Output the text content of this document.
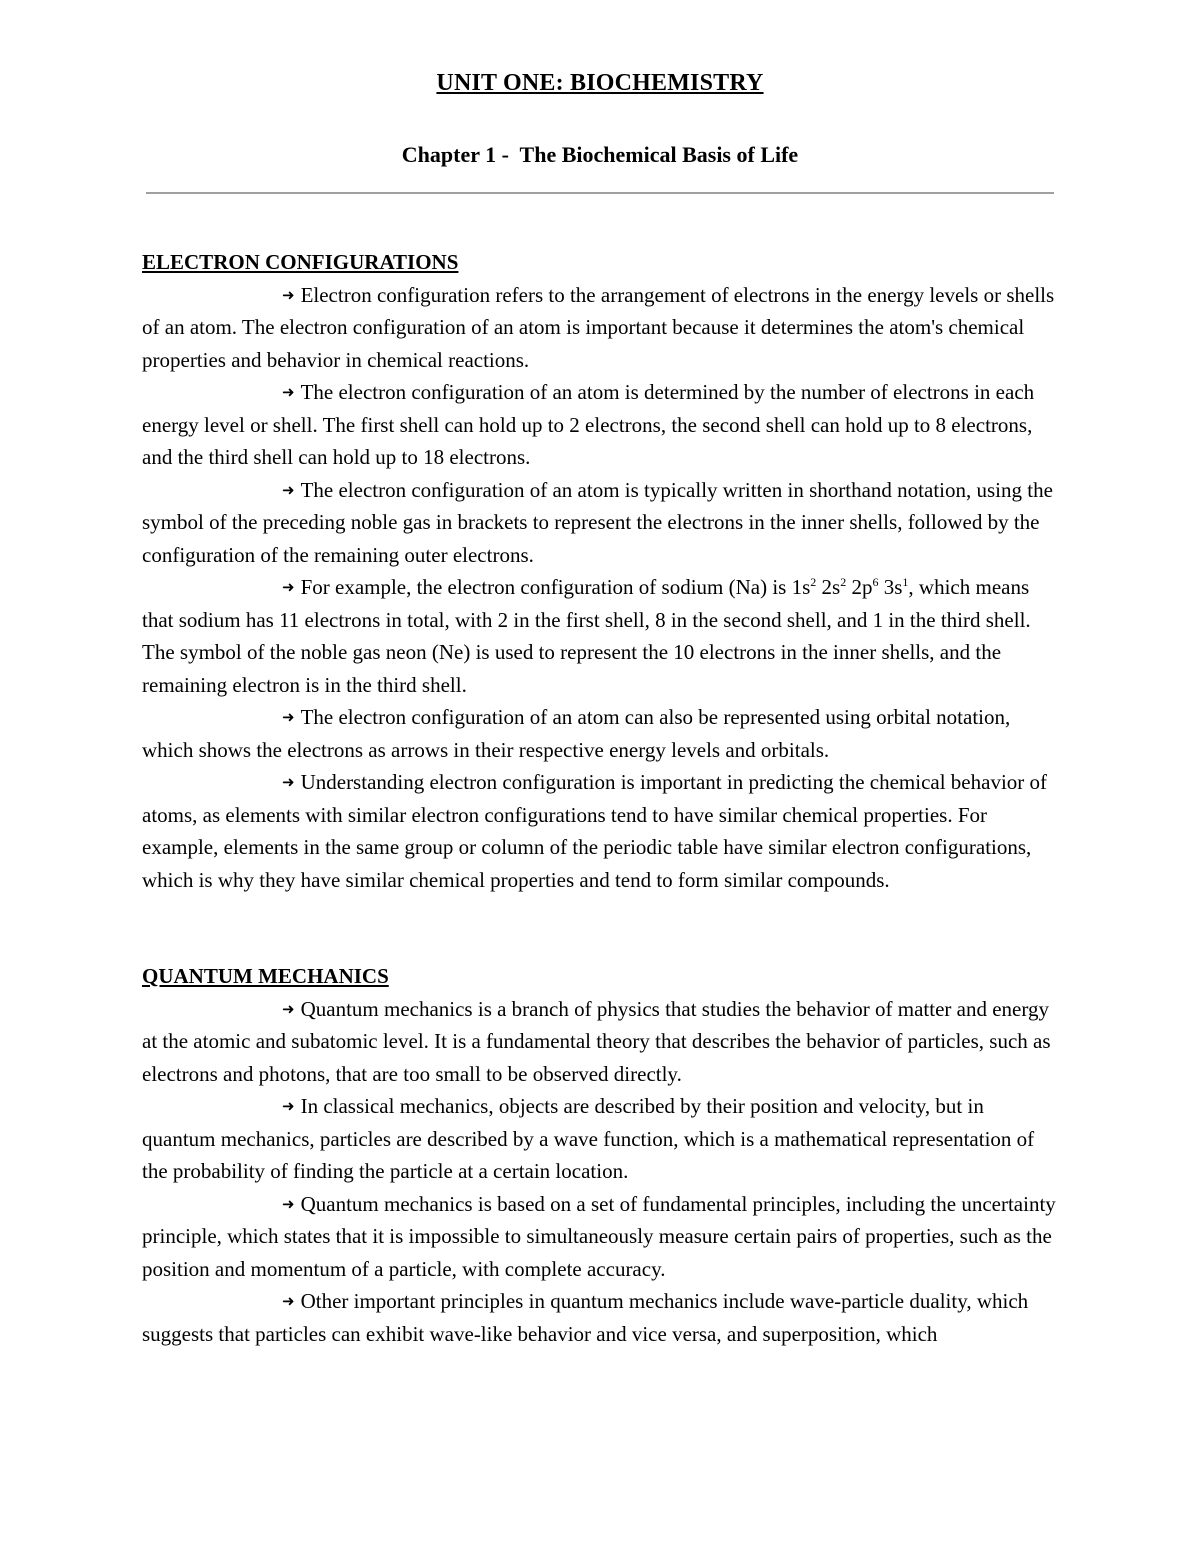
UNIT ONE: BIOCHEMISTRY
Chapter 1 -  The Biochemical Basis of Life

ELECTRON CONFIGURATIONS

➜ Electron configuration refers to the arrangement of electrons in the energy levels or shells of an atom. The electron configuration of an atom is important because it determines the atom's chemical properties and behavior in chemical reactions.

➜ The electron configuration of an atom is determined by the number of electrons in each energy level or shell. The first shell can hold up to 2 electrons, the second shell can hold up to 8 electrons, and the third shell can hold up to 18 electrons.

➜ The electron configuration of an atom is typically written in shorthand notation, using the symbol of the preceding noble gas in brackets to represent the electrons in the inner shells, followed by the configuration of the remaining outer electrons.

➜ For example, the electron configuration of sodium (Na) is $1s^2$ $2s^2$ $2p^6$ $3s^1$, which means that sodium has 11 electrons in total, with 2 in the first shell, 8 in the second shell, and 1 in the third shell. The symbol of the noble gas neon (Ne) is used to represent the 10 electrons in the inner shells, and the remaining electron is in the third shell.

➜ The electron configuration of an atom can also be represented using orbital notation, which shows the electrons as arrows in their respective energy levels and orbitals.

➜ Understanding electron configuration is important in predicting the chemical behavior of atoms, as elements with similar electron configurations tend to have similar chemical properties. For example, elements in the same group or column of the periodic table have similar electron configurations, which is why they have similar chemical properties and tend to form similar compounds.

QUANTUM MECHANICS

➜ Quantum mechanics is a branch of physics that studies the behavior of matter and energy at the atomic and subatomic level. It is a fundamental theory that describes the behavior of particles, such as electrons and photons, that are too small to be observed directly.

➜ In classical mechanics, objects are described by their position and velocity, but in quantum mechanics, particles are described by a wave function, which is a mathematical representation of the probability of finding the particle at a certain location.

➜ Quantum mechanics is based on a set of fundamental principles, including the uncertainty principle, which states that it is impossible to simultaneously measure certain pairs of properties, such as the position and momentum of a particle, with complete accuracy.

➜ Other important principles in quantum mechanics include wave-particle duality, which suggests that particles can exhibit wave-like behavior and vice versa, and superposition, which
